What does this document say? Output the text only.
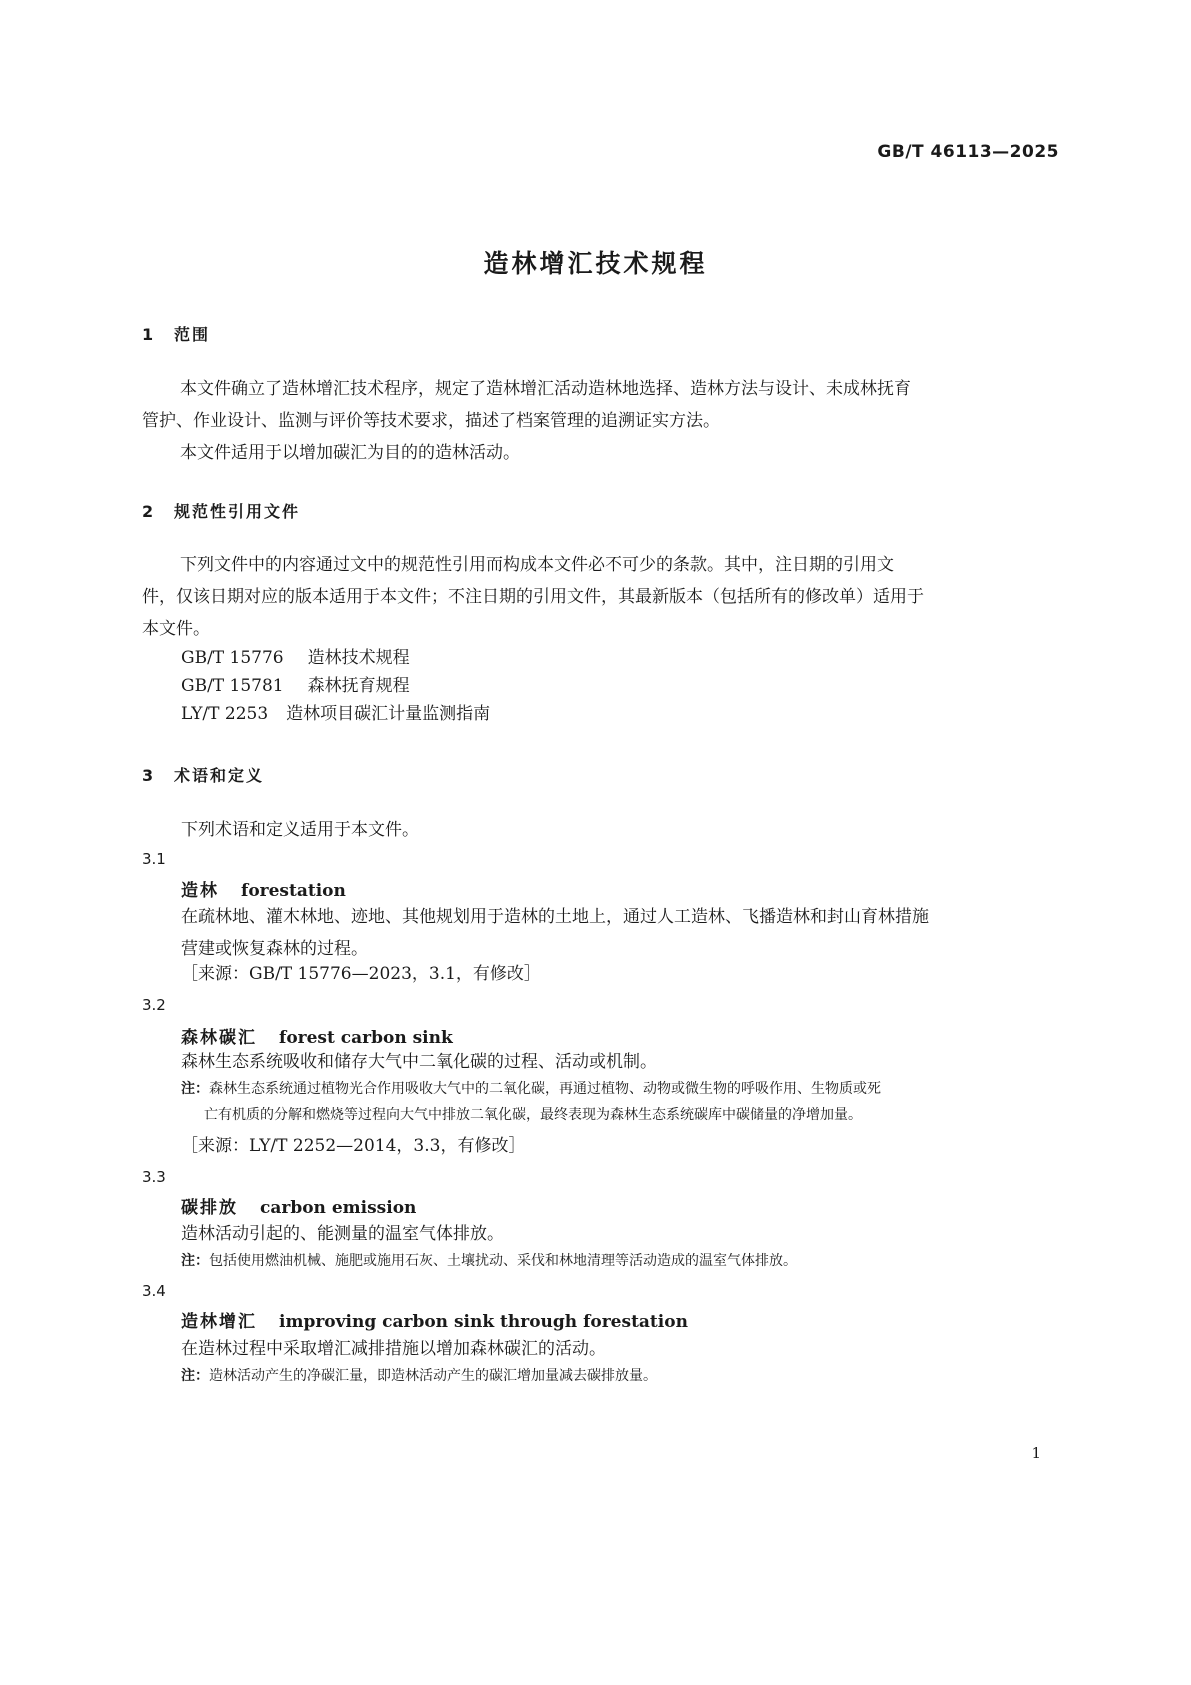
GB/T 46113—2025
造林增汇技术规程
1 范围
本文件确立了造林增汇技术程序，规定了造林增汇活动造林地选择、造林方法与设计、未成林抚育
管护、作业设计、监测与评价等技术要求，描述了档案管理的追溯证实方法。
本文件适用于以增加碳汇为目的的造林活动。
2 规范性引用文件
下列文件中的内容通过文中的规范性引用而构成本文件必不可少的条款。其中，注日期的引用文
件，仅该日期对应的版本适用于本文件；不注日期的引用文件，其最新版本（包括所有的修改单）适用于
本文件。
GB/T 15776 造林技术规程
GB/T 15781 森林抚育规程
LY/T 2253 造林项目碳汇计量监测指南
3 术语和定义
下列术语和定义适用于本文件。
3.1
造林 forestation
在疏林地、灌木林地、迹地、其他规划用于造林的土地上，通过人工造林、飞播造林和封山育林措施
营建或恢复森林的过程。
［来源：GB/T 15776—2023，3.1，有修改］
3.2
森林碳汇 forest carbon sink
森林生态系统吸收和储存大气中二氧化碳的过程、活动或机制。
注：森林生态系统通过植物光合作用吸收大气中的二氧化碳，再通过植物、动物或微生物的呼吸作用、生物质或死
亡有机质的分解和燃烧等过程向大气中排放二氧化碳，最终表现为森林生态系统碳库中碳储量的净增加量。
［来源：LY/T 2252—2014，3.3，有修改］
3.3
碳排放 carbon emission
造林活动引起的、能测量的温室气体排放。
注：包括使用燃油机械、施肥或施用石灰、土壤扰动、采伐和林地清理等活动造成的温室气体排放。
3.4
造林增汇 improving carbon sink through forestation
在造林过程中采取增汇减排措施以增加森林碳汇的活动。
注：造林活动产生的净碳汇量，即造林活动产生的碳汇增加量减去碳排放量。
1
